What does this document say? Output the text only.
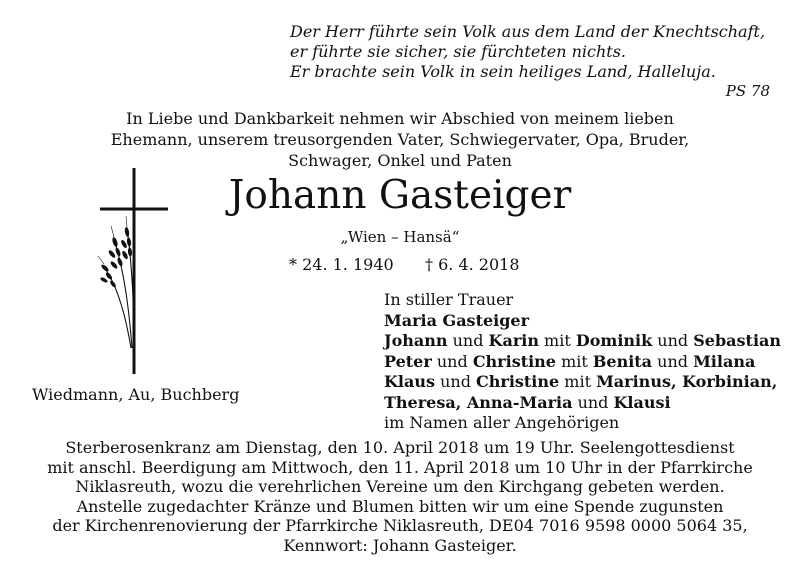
Der Herr führte sein Volk aus dem Land der Knechtschaft,
er führte sie sicher, sie fürchteten nichts.
Er brachte sein Volk in sein heiliges Land, Halleluja.
PS 78
In Liebe und Dankbarkeit nehmen wir Abschied von meinem lieben
Ehemann, unserem treusorgenden Vater, Schwiegervater, Opa, Bruder,
Schwager, Onkel und Paten
Johann Gasteiger
„Wien – Hansä“
* 24. 1. 1940 † 6. 4. 2018
In stiller Trauer
Maria Gasteiger
Johann und Karin mit Dominik und Sebastian
Peter und Christine mit Benita und Milana
Klaus und Christine mit Marinus, Korbinian,
Theresa, Anna-Maria und Klausi
im Namen aller Angehörigen
Wiedmann, Au, Buchberg
Sterberosenkranz am Dienstag, den 10. April 2018 um 19 Uhr. Seelengottesdienst
mit anschl. Beerdigung am Mittwoch, den 11. April 2018 um 10 Uhr in der Pfarrkirche
Niklasreuth, wozu die verehrlichen Vereine um den Kirchgang gebeten werden.
Anstelle zugedachter Kränze und Blumen bitten wir um eine Spende zugunsten
der Kirchenrenovierung der Pfarrkirche Niklasreuth, DE04 7016 9598 0000 5064 35,
Kennwort: Johann Gasteiger.
